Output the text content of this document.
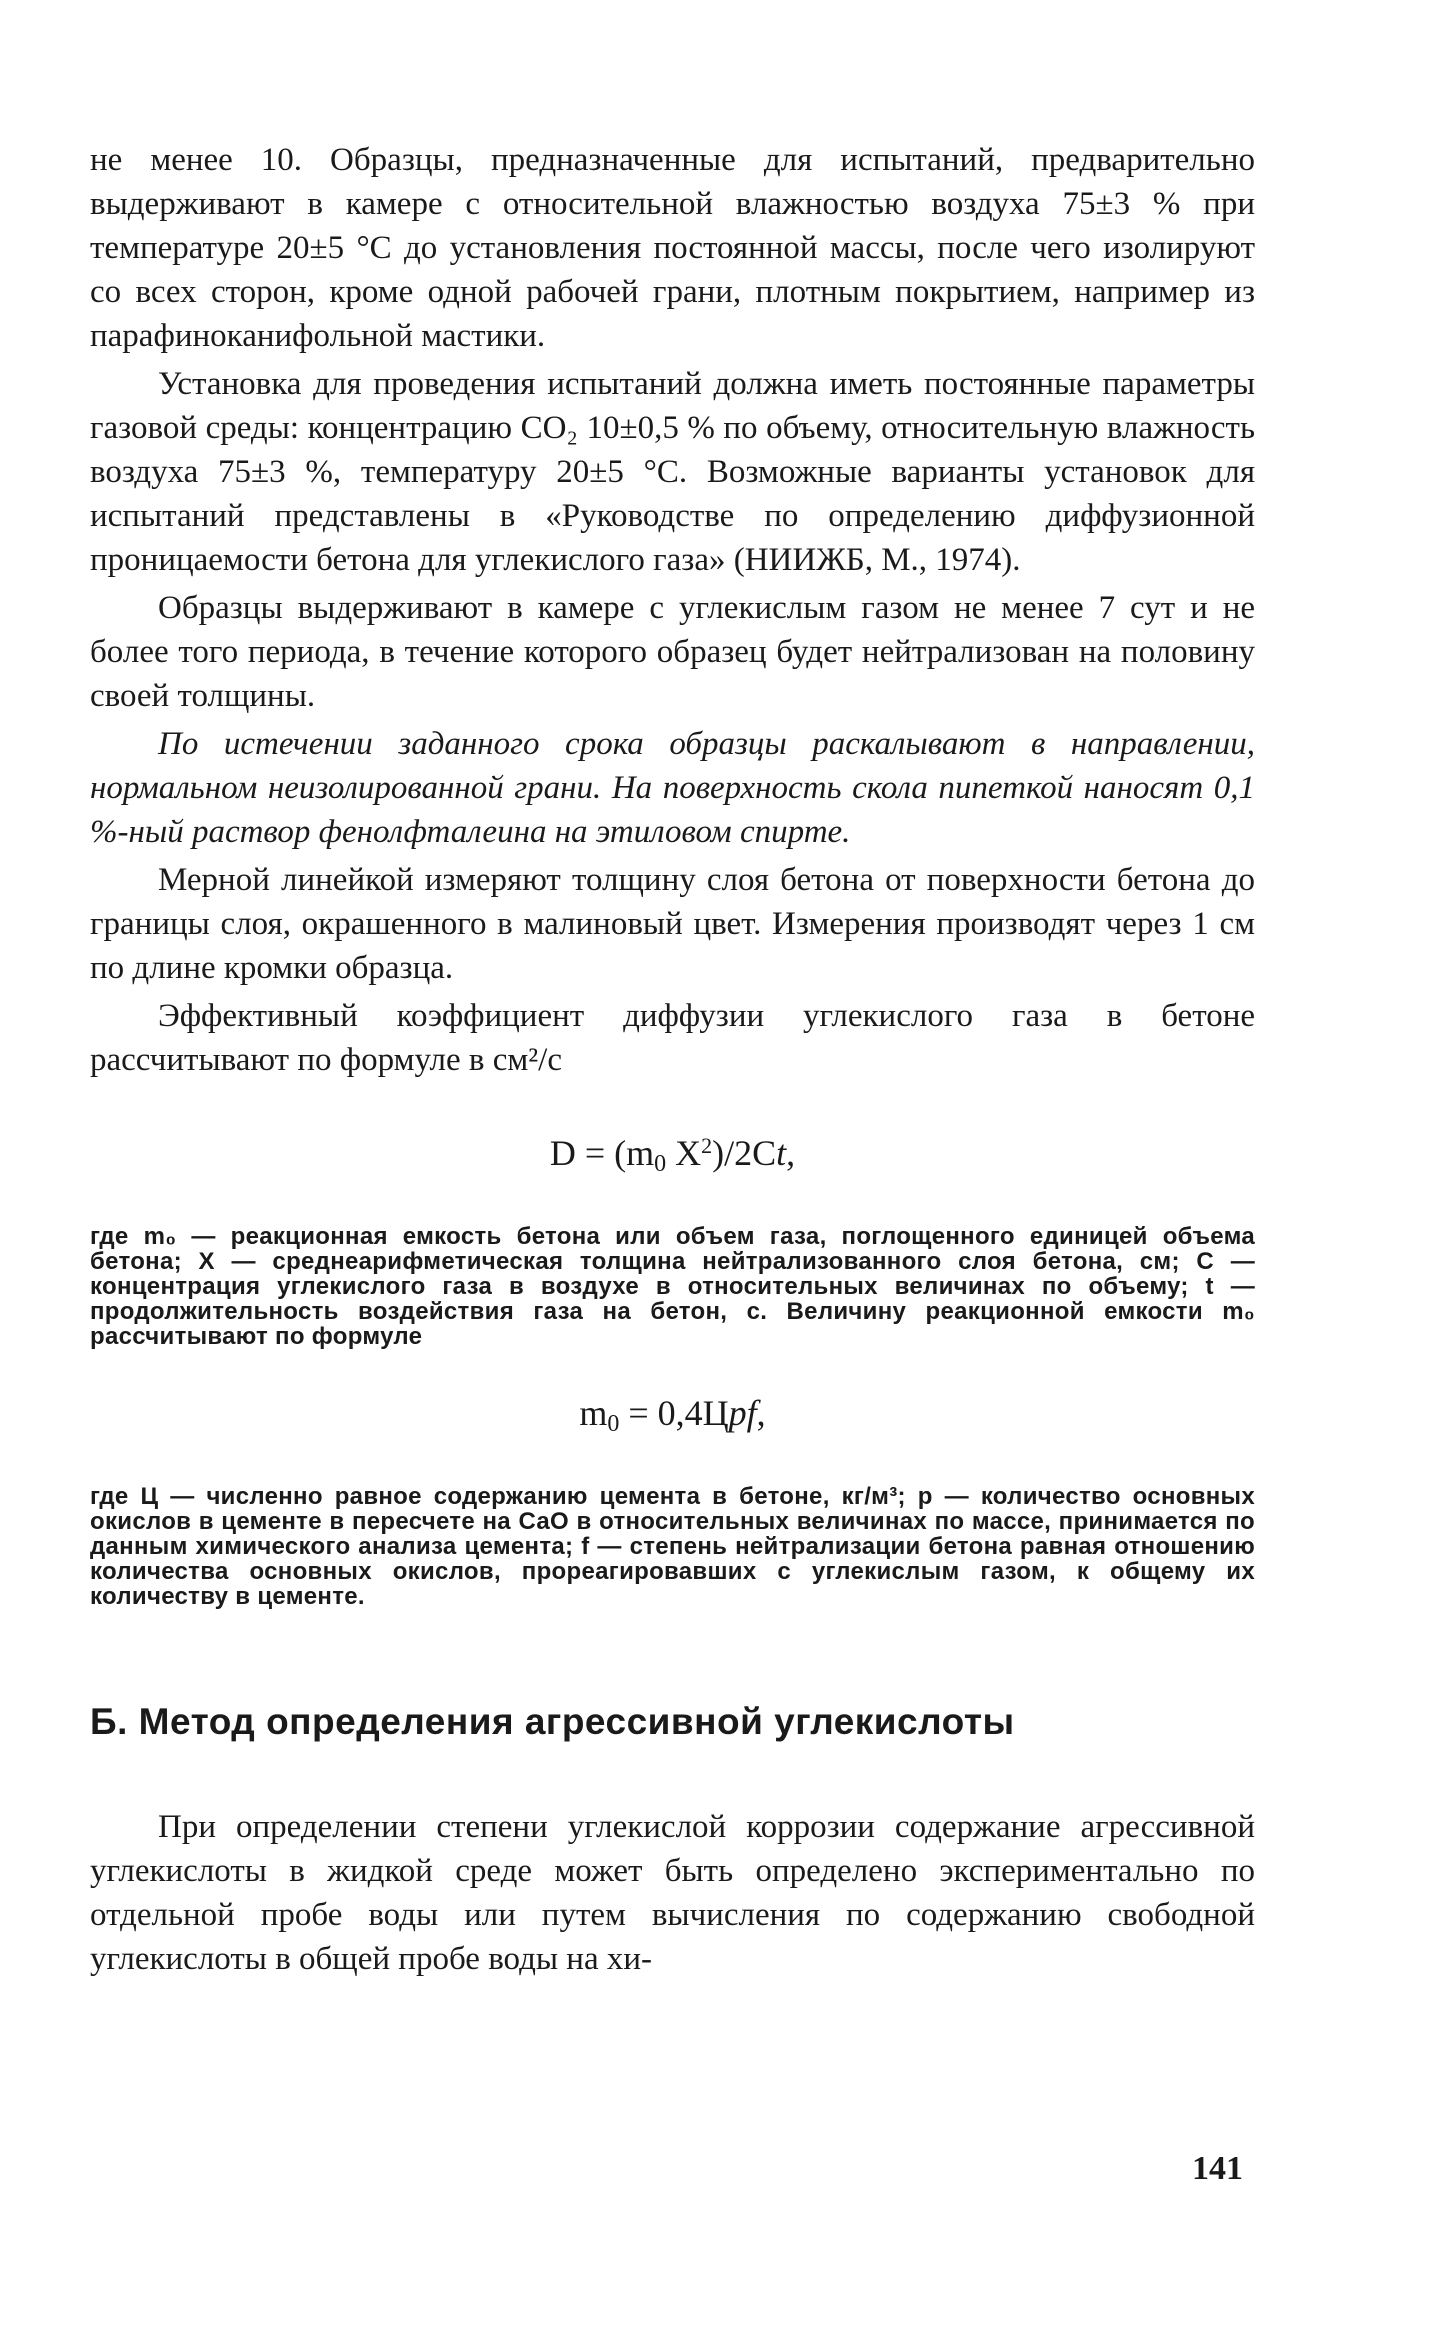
не менее 10. Образцы, предназначенные для испытаний, предварительно выдерживают в камере с относительной влажностью воздуха 75±3 % при температуре 20±5 °С до установления постоянной массы, после чего изолируют со всех сторон, кроме одной рабочей грани, плотным покрытием, например из парафиноканифольной мастики.

Установка для проведения испытаний должна иметь постоянные параметры газовой среды: концентрацию СО₂ 10±0,5 % по объему, относительную влажность воздуха 75±3 %, температуру 20±5 °С. Возможные варианты установок для испытаний представлены в «Руководстве по определению диффузионной проницаемости бетона для углекислого газа» (НИИЖБ, М., 1974).

Образцы выдерживают в камере с углекислым газом не менее 7 сут и не более того периода, в течение которого образец будет нейтрализован на половину своей толщины.

По истечении заданного срока образцы раскалывают в направлении, нормальном неизолированной грани. На поверхность скола пипеткой наносят 0,1 %-ный раствор фенолфталеина на этиловом спирте.

Мерной линейкой измеряют толщину слоя бетона от поверхности бетона до границы слоя, окрашенного в малиновый цвет. Измерения производят через 1 см по длине кромки образца.

Эффективный коэффициент диффузии углекислого газа в бетоне рассчитывают по формуле в см²/с

$D = (m_0$ $X^2)/2Ct$,

где m₀ — реакционная емкость бетона или объем газа, поглощенного единицей объема бетона; X — среднеарифметическая толщина нейтрализованного слоя бетона, см; С — концентрация углекислого газа в воздухе в относительных величинах по объему; t — продолжительность воздействия газа на бетон, с. Величину реакционной емкости m₀ рассчитывают по формуле

$m_0 = 0,4Цpf$,

где Ц — численно равное содержанию цемента в бетоне, кг/м³; p — количество основных окислов в цементе в пересчете на СаО в относительных величинах по массе, принимается по данным химического анализа цемента; f — степень нейтрализации бетона равная отношению количества основных окислов, прореагировавших с углекислым газом, к общему их количеству в цементе.

Б. Метод определения агрессивной углекислоты

При определении степени углекислой коррозии содержание агрессивной углекислоты в жидкой среде может быть определено экспериментально по отдельной пробе воды или путем вычисления по содержанию свободной углекислоты в общей пробе воды на хи-

141
